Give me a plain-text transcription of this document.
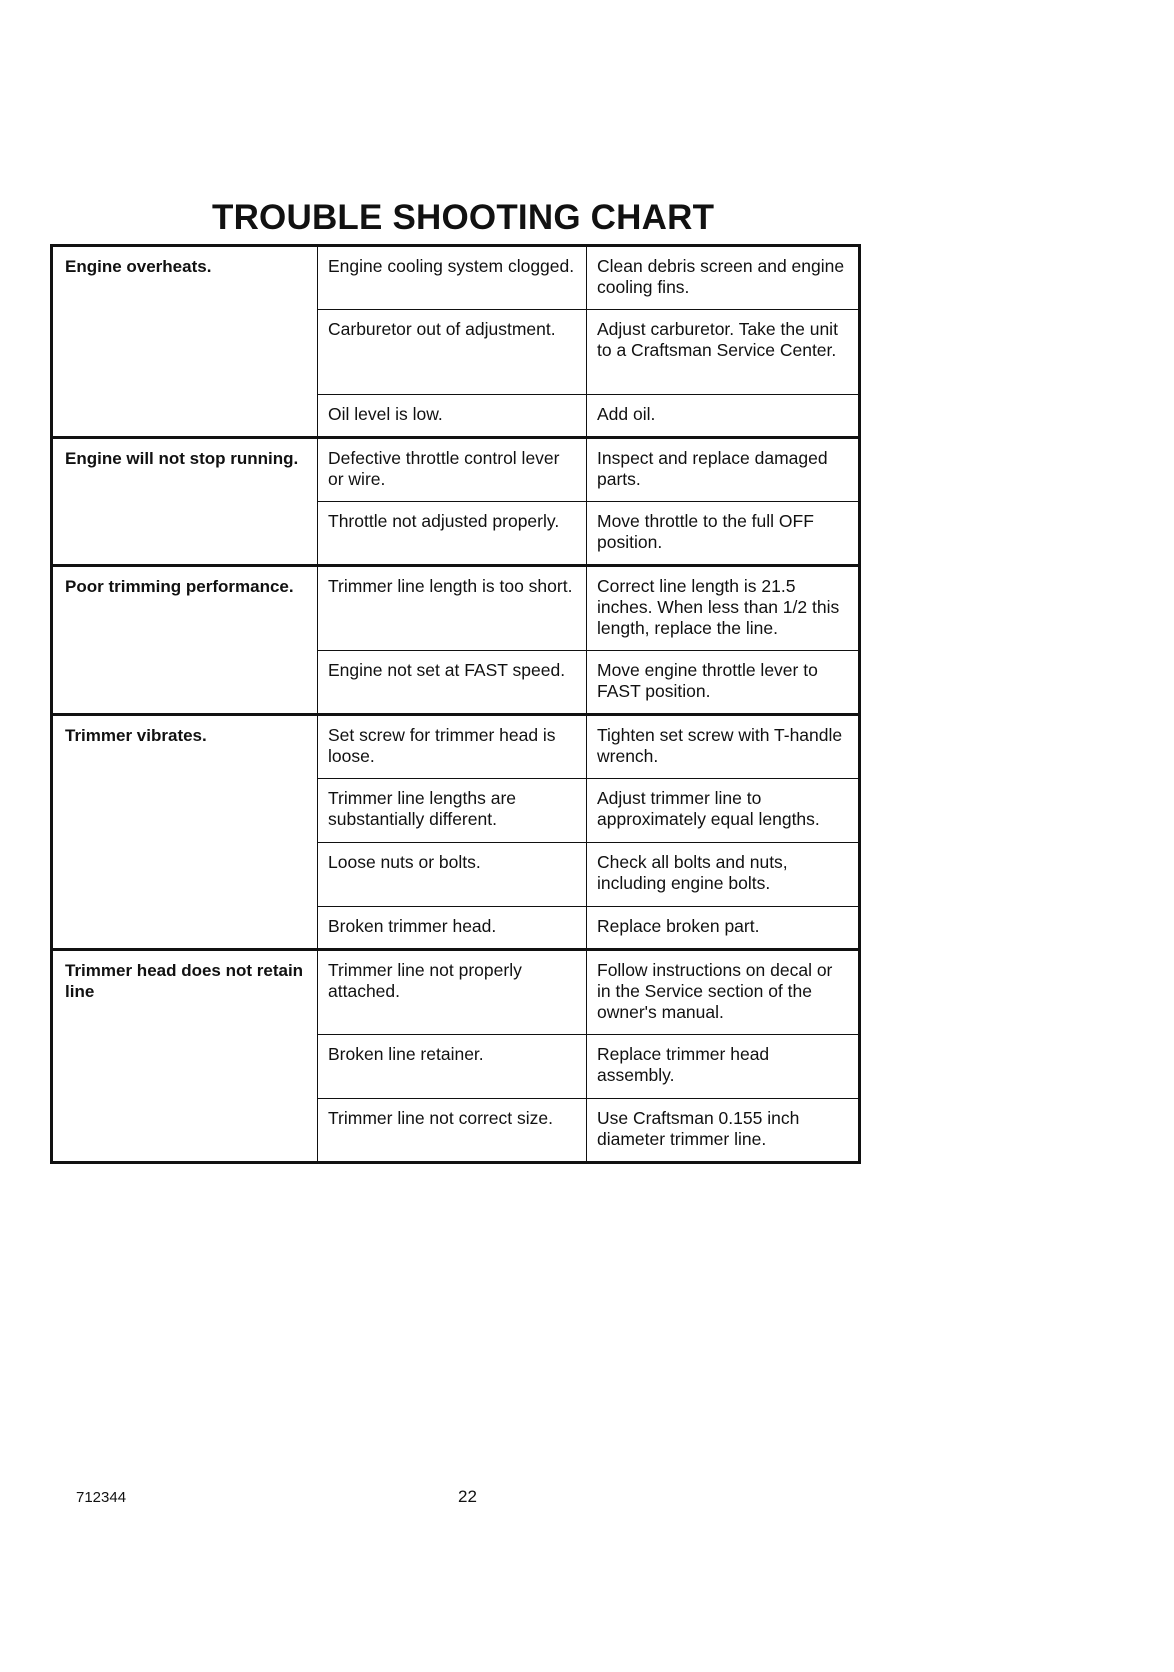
TROUBLE SHOOTING CHART
Engine overheats.	Engine cooling system clogged.	Clean debris screen and engine cooling fins.
	Carburetor out of adjustment.	Adjust carburetor. Take the unit to a Craftsman Service Center.
	Oil level is low.	Add oil.
Engine will not stop running.	Defective throttle control lever or wire.	Inspect and replace damaged parts.
	Throttle not adjusted properly.	Move throttle to the full OFF position.
Poor trimming performance.	Trimmer line length is too short.	Correct line length is 21.5 inches. When less than 1/2 this length, replace the line.
	Engine not set at FAST speed.	Move engine throttle lever to FAST position.
Trimmer vibrates.	Set screw for trimmer head is loose.	Tighten set screw with T-handle wrench.
	Trimmer line lengths are substantially different.	Adjust trimmer line to approximately equal lengths.
	Loose nuts or bolts.	Check all bolts and nuts, including engine bolts.
	Broken trimmer head.	Replace broken part.
Trimmer head does not retain line	Trimmer line not properly attached.	Follow instructions on decal or in the Service section of the owner's manual.
	Broken line retainer.	Replace trimmer head assembly.
	Trimmer line not correct size.	Use Craftsman 0.155 inch diameter trimmer line.
712344	22
